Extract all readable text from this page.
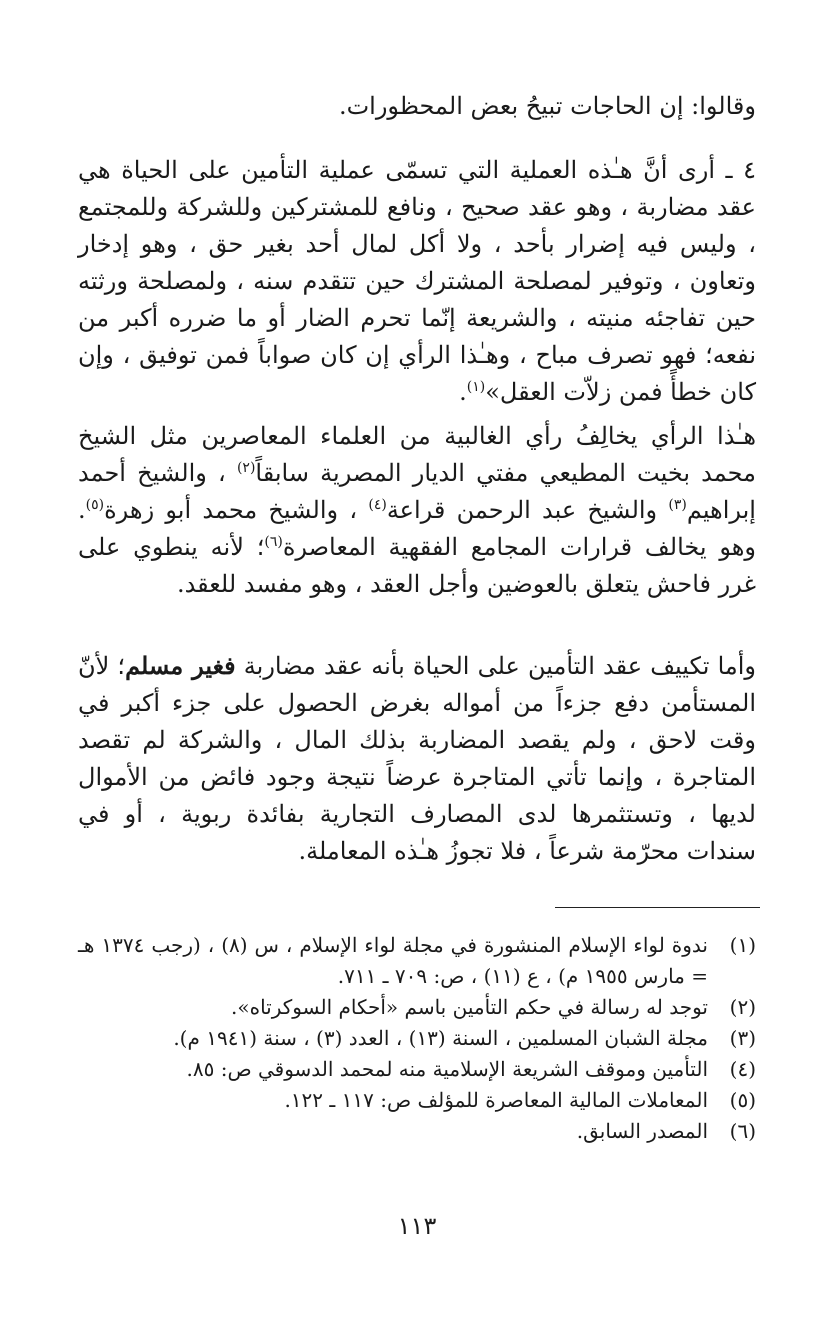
وقالوا: إن الحاجات تبيحُ بعض المحظورات.

٤ ـ أرى أنَّ هـٰذه العملية التي تسمّى عملية التأمين على الحياة هي عقد مضاربة ، وهو عقد صحيح ، ونافع للمشتركين وللشركة وللمجتمع ، وليس فيه إضرار بأحد ، ولا أكل لمال أحد بغير حق ، وهو إدخار وتعاون ، وتوفير لمصلحة المشترك حين تتقدم سنه ، ولمصلحة ورثته حين تفاجئه منيته ، والشريعة إنّما تحرم الضار أو ما ضرره أكبر من نفعه؛ فهو تصرف مباح ، وهـٰذا الرأي إن كان صواباً فمن توفيق ، وإن كان خطأً فمن زلاّت العقل»$^{(١)}$.

هـٰذا الرأي يخالِفُ رأي الغالبية من العلماء المعاصرين مثل الشيخ محمد بخيت المطيعي مفتي الديار المصرية سابقاً$^{(٢)}$ ، والشيخ أحمد إبراهيم$^{(٣)}$ والشيخ عبد الرحمن قراعة$^{(٤)}$ ، والشيخ محمد أبو زهرة$^{(٥)}$. وهو يخالف قرارات المجامع الفقهية المعاصرة$^{(٦)}$؛ لأنه ينطوي على غرر فاحش يتعلق بالعوضين وأجل العقد ، وهو مفسد للعقد.

وأما تكييف عقد التأمين على الحياة بأنه عقد مضاربة فغير مسلم؛ لأنّ المستأمن دفع جزءاً من أمواله بغرض الحصول على جزء أكبر في وقت لاحق ، ولم يقصد المضاربة بذلك المال ، والشركة لم تقصد المتاجرة ، وإنما تأتي المتاجرة عرضاً نتيجة وجود فائض من الأموال لديها ، وتستثمرها لدى المصارف التجارية بفائدة ربوية ، أو في سندات محرّمة شرعاً ، فلا تجوزُ هـٰذه المعاملة.

(١)
ندوة لواء الإسلام المنشورة في مجلة لواء الإسلام ، س (٨) ، (رجب ١٣٧٤ هـ = مارس ١٩٥٥ م) ، ع (١١) ، ص: ٧٠٩ ـ ٧١١.
(٢)
توجد له رسالة في حكم التأمين باسم «أحكام السوكرتاه».
(٣)
مجلة الشبان المسلمين ، السنة (١٣) ، العدد (٣) ، سنة (١٩٤١ م).
(٤)
التأمين وموقف الشريعة الإسلامية منه لمحمد الدسوقي ص: ٨٥.
(٥)
المعاملات المالية المعاصرة للمؤلف ص: ١١٧ ـ ١٢٢.
(٦)
المصدر السابق.
١١٣
